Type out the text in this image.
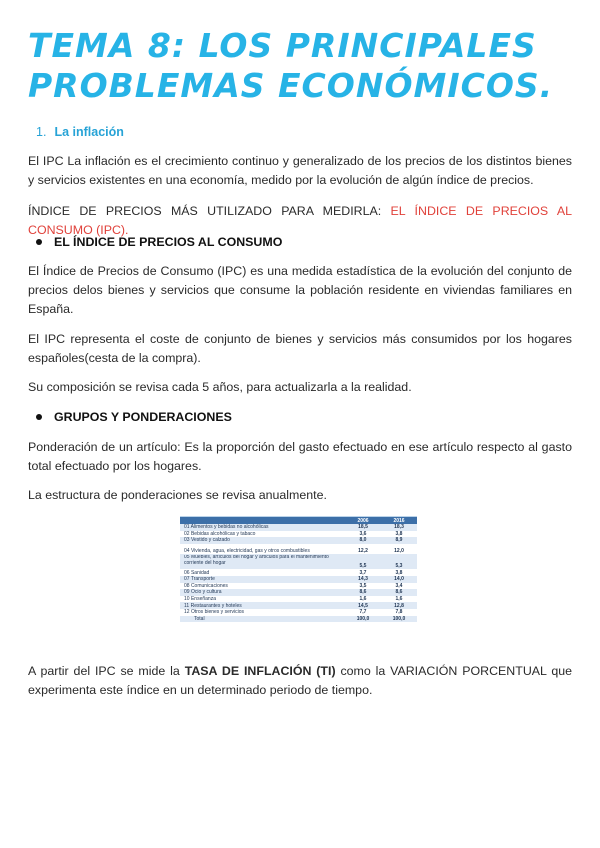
TEMA 8: LOS PRINCIPALES PROBLEMAS ECONÓMICOS.
1. La inflación

El IPC La inflación es el crecimiento continuo y generalizado de los precios de los distintos bienes y servicios existentes en una economía, medido por la evolución de algún índice de precios.

ÍNDICE DE PRECIOS MÁS UTILIZADO PARA MEDIRLA: EL ÍNDICE DE PRECIOS AL CONSUMO (IPC).

EL ÍNDICE DE PRECIOS AL CONSUMO

El Índice de Precios de Consumo (IPC) es una medida estadística de la evolución del conjunto de precios delos bienes y servicios que consume la población residente en viviendas familiares en España.

El IPC representa el coste de conjunto de bienes y servicios más consumidos por los hogares españoles(cesta de la compra).

Su composición se revisa cada 5 años, para actualizarla a la realidad.

GRUPOS Y PONDERACIONES

Ponderación de un artículo: Es la proporción del gasto efectuado en ese artículo respecto al gasto total efectuado por los hogares.

La estructura de ponderaciones se revisa anualmente.

2006	2016
01 Alimentos y bebidas no alcohólicas	18,5	18,3
02 Bebidas alcohólicas y tabaco	3,6	3,8
03 Vestido y calzado	8,0	8,9
04 Vivienda, agua, electricidad, gas y otros combustibles	12,2	12,0
05 Muebles, artículos del hogar y artículos para el mantenimiento corriente del hogar
5,5	5,3
06 Sanidad	3,7	3,8
07 Transporte	14,3	14,0
08 Comunicaciones	3,5	3,4
09 Ocio y cultura	8,6	8,6
10 Enseñanza	1,6	1,6
11 Restaurantes y hoteles	14,5	12,8
12 Otros bienes y servicios	7,7	7,8
Total	100,0	100,0

A partir del IPC se mide la TASA DE INFLACIÓN (TI) como la VARIACIÓN PORCENTUAL que experimenta este índice en un determinado periodo de tiempo.
